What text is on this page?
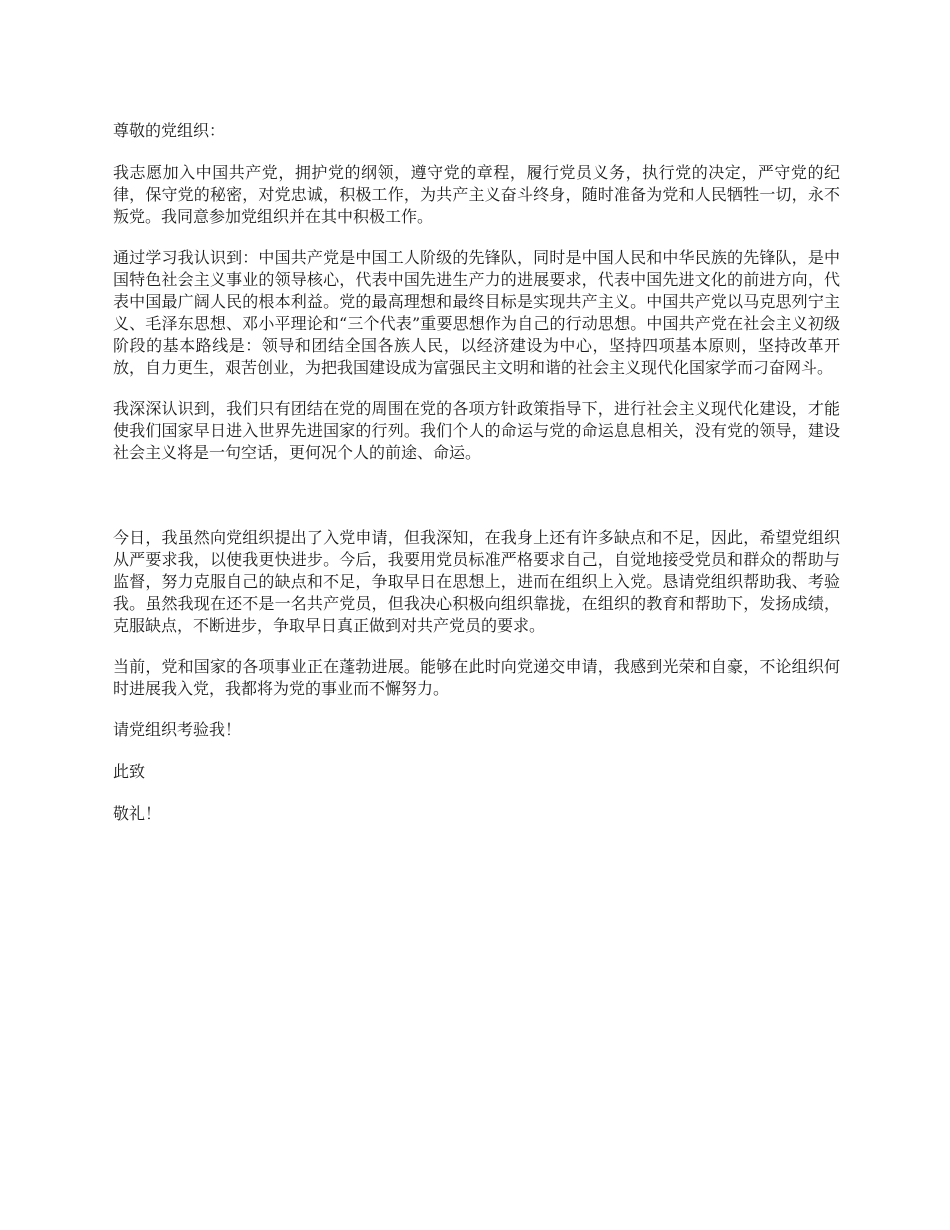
尊敬的党组织：

我志愿加入中国共产党，拥护党的纲领，遵守党的章程，履行党员义务，执行党的决定，严守党的纪律，保守党的秘密，对党忠诚，积极工作，为共产主义奋斗终身，随时准备为党和人民牺牲一切，永不叛党。我同意参加党组织并在其中积极工作。

通过学习我认识到：中国共产党是中国工人阶级的先锋队，同时是中国人民和中华民族的先锋队，是中国特色社会主义事业的领导核心，代表中国先进生产力的进展要求，代表中国先进文化的前进方向，代表中国最广阔人民的根本利益。党的最高理想和最终目标是实现共产主义。中国共产党以马克思列宁主义、毛泽东思想、邓小平理论和“三个代表”重要思想作为自己的行动思想。中国共产党在社会主义初级阶段的基本路线是：领导和团结全国各族人民，以经济建设为中心，坚持四项基本原则，坚持改革开放，自力更生，艰苦创业，为把我国建设成为富强民主文明和谐的社会主义现代化国家学而刁奋网斗。

我深深认识到，我们只有团结在党的周围在党的各项方针政策指导下，进行社会主义现代化建设，才能使我们国家早日进入世界先进国家的行列。我们个人的命运与党的命运息息相关，没有党的领导，建设社会主义将是一句空话，更何况个人的前途、命运。

今日，我虽然向党组织提出了入党申请，但我深知，在我身上还有许多缺点和不足，因此，希望党组织从严要求我，以使我更快进步。今后，我要用党员标准严格要求自己，自觉地接受党员和群众的帮助与监督，努力克服自己的缺点和不足，争取早日在思想上，进而在组织上入党。恳请党组织帮助我、考验我。虽然我现在还不是一名共产党员，但我决心积极向组织靠拢，在组织的教育和帮助下，发扬成绩，克服缺点，不断进步，争取早日真正做到对共产党员的要求。

当前，党和国家的各项事业正在蓬勃进展。能够在此时向党递交申请，我感到光荣和自豪，不论组织何时进展我入党，我都将为党的事业而不懈努力。

请党组织考验我！

此致

敬礼！
